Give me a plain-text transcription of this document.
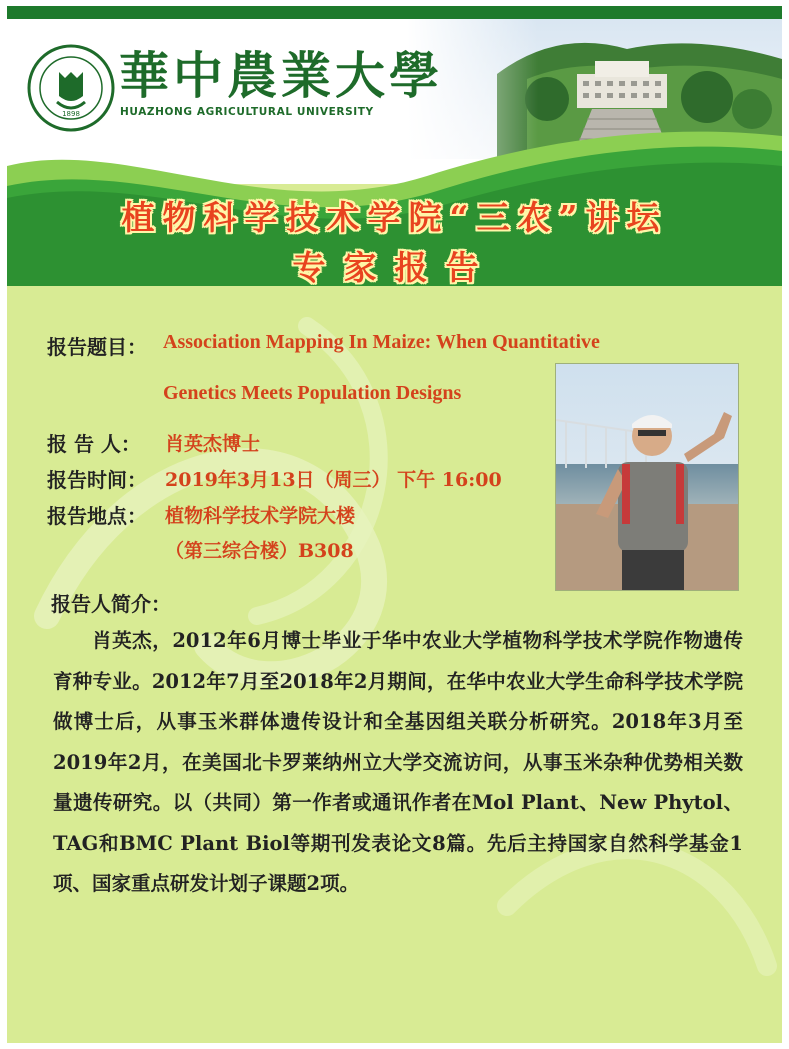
1898
華中農業大學
HUAZHONG AGRICULTURAL UNIVERSITY
植物科学技术学院“三农”讲坛
专家报告
报告题目： Association Mapping In Maize: When Quantitative
Genetics Meets Population Designs
报 告 人： 肖英杰博士
报告时间： 2019年3月13日（周三） 下午 16:00
报告地点： 植物科学技术学院大楼
（第三综合楼）B308
报告人简介：
肖英杰，2012年6月博士毕业于华中农业大学植物科学技术学院作物遗传育种专业。2012年7月至2018年2月期间，在华中农业大学生命科学技术学院做博士后，从事玉米群体遗传设计和全基因组关联分析研究。2018年3月至2019年2月，在美国北卡罗莱纳州立大学交流访问，从事玉米杂种优势相关数量遗传研究。以（共同）第一作者或通讯作者在Mol Plant、New Phytol、TAG和BMC Plant Biol等期刊发表论文8篇。先后主持国家自然科学基金1项、国家重点研发计划子课题2项。
